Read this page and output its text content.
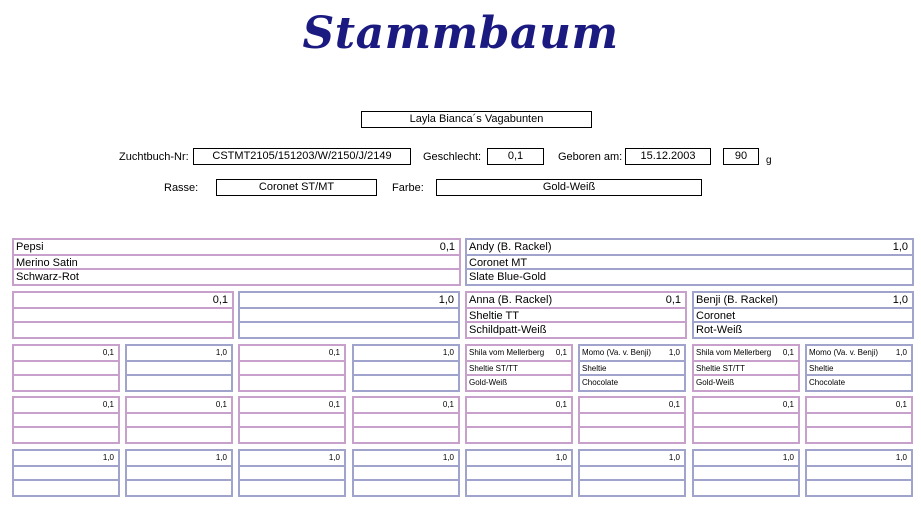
Stammbaum
Layla Bianca´s Vagabunten
Zuchtbuch-Nr:	CSTMT2105/151203/W/2150/J/2149	Geschlecht:	0,1	Geboren am:	15.12.2003	90	g
Rasse:	Coronet ST/MT	Farbe:	Gold-Weiß
Pepsi	0,1
Merino Satin
Schwarz-Rot
Andy (B. Rackel)	1,0
Coronet MT
Slate Blue-Gold
0,1	1,0 Anna (B. Rackel)	0,1
Sheltie TT
Schildpatt-Weiß
Benji (B. Rackel)	1,0
Coronet
Rot-Weiß
0,1	1,0	0,1	1,0 Shila vom Mellerberg 0,1
Sheltie ST/TT
Gold-Weiß
Momo (Va. v. Benji) 1,0
Sheltie
Chocolate
Shila vom Mellerberg 0,1
Sheltie ST/TT
Gold-Weiß
Momo (Va. v. Benji) 1,0
Sheltie
Chocolate
0,1	0,1	0,1	0,1	0,1	0,1	0,1	0,1
1,0	1,0	1,0	1,0	1,0	1,0	1,0	1,0
